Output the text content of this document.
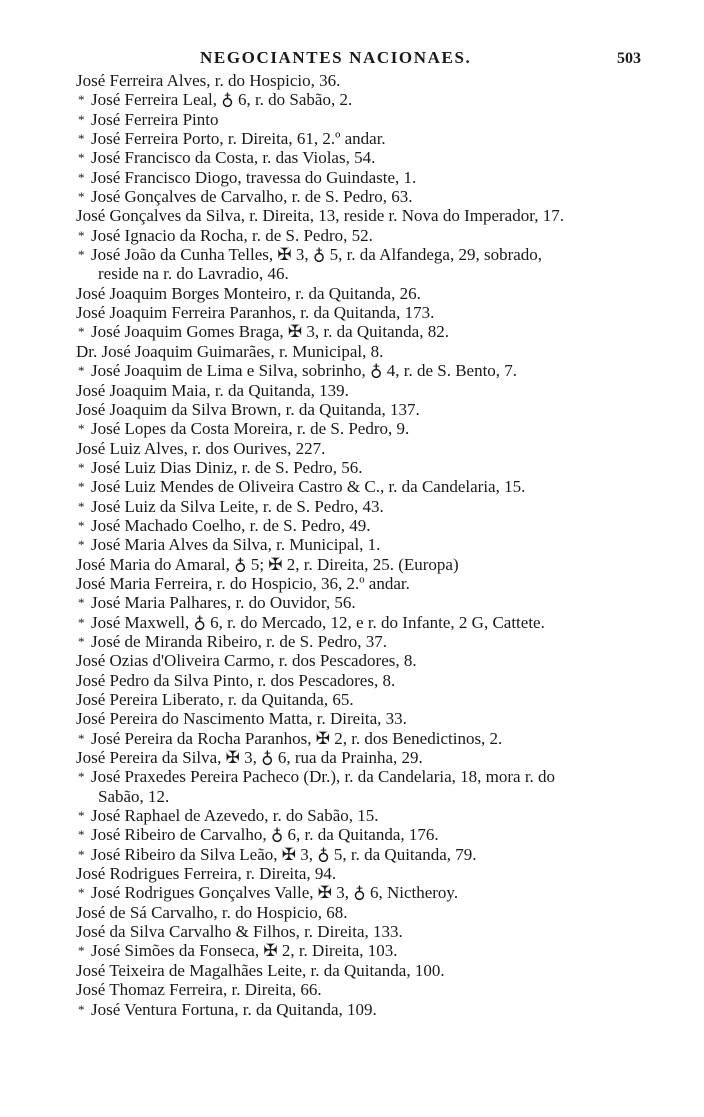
NEGOCIANTES NACIONAES.	503
José Ferreira Alves, r. do Hospicio, 36.
* José Ferreira Leal, ♁ 6, r. do Sabão, 2.
* José Ferreira Pinto
* José Ferreira Porto, r. Direita, 61, 2.º andar.
* José Francisco da Costa, r. das Violas, 54.
* José Francisco Diogo, travessa do Guindaste, 1.
* José Gonçalves de Carvalho, r. de S. Pedro, 63.
José Gonçalves da Silva, r. Direita, 13, reside r. Nova do Imperador, 17.
* José Ignacio da Rocha, r. de S. Pedro, 52.
* José João da Cunha Telles, ✠ 3, ♁ 5, r. da Alfandega, 29, sobrado,
reside na r. do Lavradio, 46.
José Joaquim Borges Monteiro, r. da Quitanda, 26.
José Joaquim Ferreira Paranhos, r. da Quitanda, 173.
* José Joaquim Gomes Braga, ✠ 3, r. da Quitanda, 82.
Dr. José Joaquim Guimarães, r. Municipal, 8.
* José Joaquim de Lima e Silva, sobrinho, ♁ 4, r. de S. Bento, 7.
José Joaquim Maia, r. da Quitanda, 139.
José Joaquim da Silva Brown, r. da Quitanda, 137.
* José Lopes da Costa Moreira, r. de S. Pedro, 9.
José Luiz Alves, r. dos Ourives, 227.
* José Luiz Dias Diniz, r. de S. Pedro, 56.
* José Luiz Mendes de Oliveira Castro & C., r. da Candelaria, 15.
* José Luiz da Silva Leite, r. de S. Pedro, 43.
* José Machado Coelho, r. de S. Pedro, 49.
* José Maria Alves da Silva, r. Municipal, 1.
José Maria do Amaral, ♁ 5; ✠ 2, r. Direita, 25. (Europa)
José Maria Ferreira, r. do Hospicio, 36, 2.º andar.
* José Maria Palhares, r. do Ouvidor, 56.
* José Maxwell, ♁ 6, r. do Mercado, 12, e r. do Infante, 2 G, Cattete.
* José de Miranda Ribeiro, r. de S. Pedro, 37.
José Ozias d'Oliveira Carmo, r. dos Pescadores, 8.
José Pedro da Silva Pinto, r. dos Pescadores, 8.
José Pereira Liberato, r. da Quitanda, 65.
José Pereira do Nascimento Matta, r. Direita, 33.
* José Pereira da Rocha Paranhos, ✠ 2, r. dos Benedictinos, 2.
José Pereira da Silva, ✠ 3, ♁ 6, rua da Prainha, 29.
* José Praxedes Pereira Pacheco (Dr.), r. da Candelaria, 18, mora r. do
Sabão, 12.
* José Raphael de Azevedo, r. do Sabão, 15.
* José Ribeiro de Carvalho, ♁ 6, r. da Quitanda, 176.
* José Ribeiro da Silva Leão, ✠ 3, ♁ 5, r. da Quitanda, 79.
José Rodrigues Ferreira, r. Direita, 94.
* José Rodrigues Gonçalves Valle, ✠ 3, ♁ 6, Nictheroy.
José de Sá Carvalho, r. do Hospicio, 68.
José da Silva Carvalho & Filhos, r. Direita, 133.
* José Simões da Fonseca, ✠ 2, r. Direita, 103.
José Teixeira de Magalhães Leite, r. da Quitanda, 100.
José Thomaz Ferreira, r. Direita, 66.
* José Ventura Fortuna, r. da Quitanda, 109.
